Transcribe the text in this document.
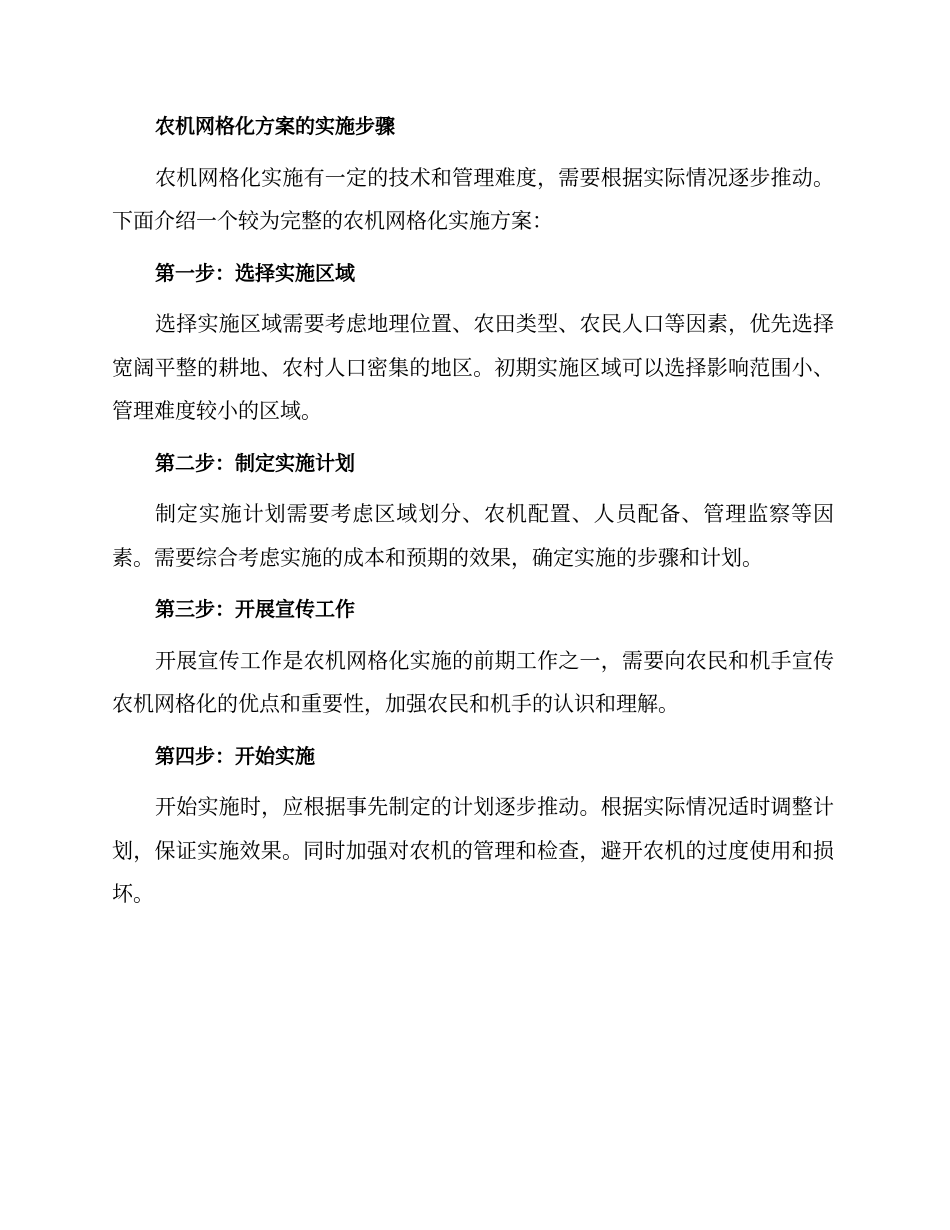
农机网格化方案的实施步骤

农机网格化实施有一定的技术和管理难度，需要根据实际情况逐步推动。下面介绍一个较为完整的农机网格化实施方案：

第一步：选择实施区域

选择实施区域需要考虑地理位置、农田类型、农民人口等因素，优先选择宽阔平整的耕地、农村人口密集的地区。初期实施区域可以选择影响范围小、管理难度较小的区域。

第二步：制定实施计划

制定实施计划需要考虑区域划分、农机配置、人员配备、管理监察等因素。需要综合考虑实施的成本和预期的效果，确定实施的步骤和计划。

第三步：开展宣传工作

开展宣传工作是农机网格化实施的前期工作之一，需要向农民和机手宣传农机网格化的优点和重要性，加强农民和机手的认识和理解。

第四步：开始实施

开始实施时，应根据事先制定的计划逐步推动。根据实际情况适时调整计划，保证实施效果。同时加强对农机的管理和检查，避开农机的过度使用和损坏。
